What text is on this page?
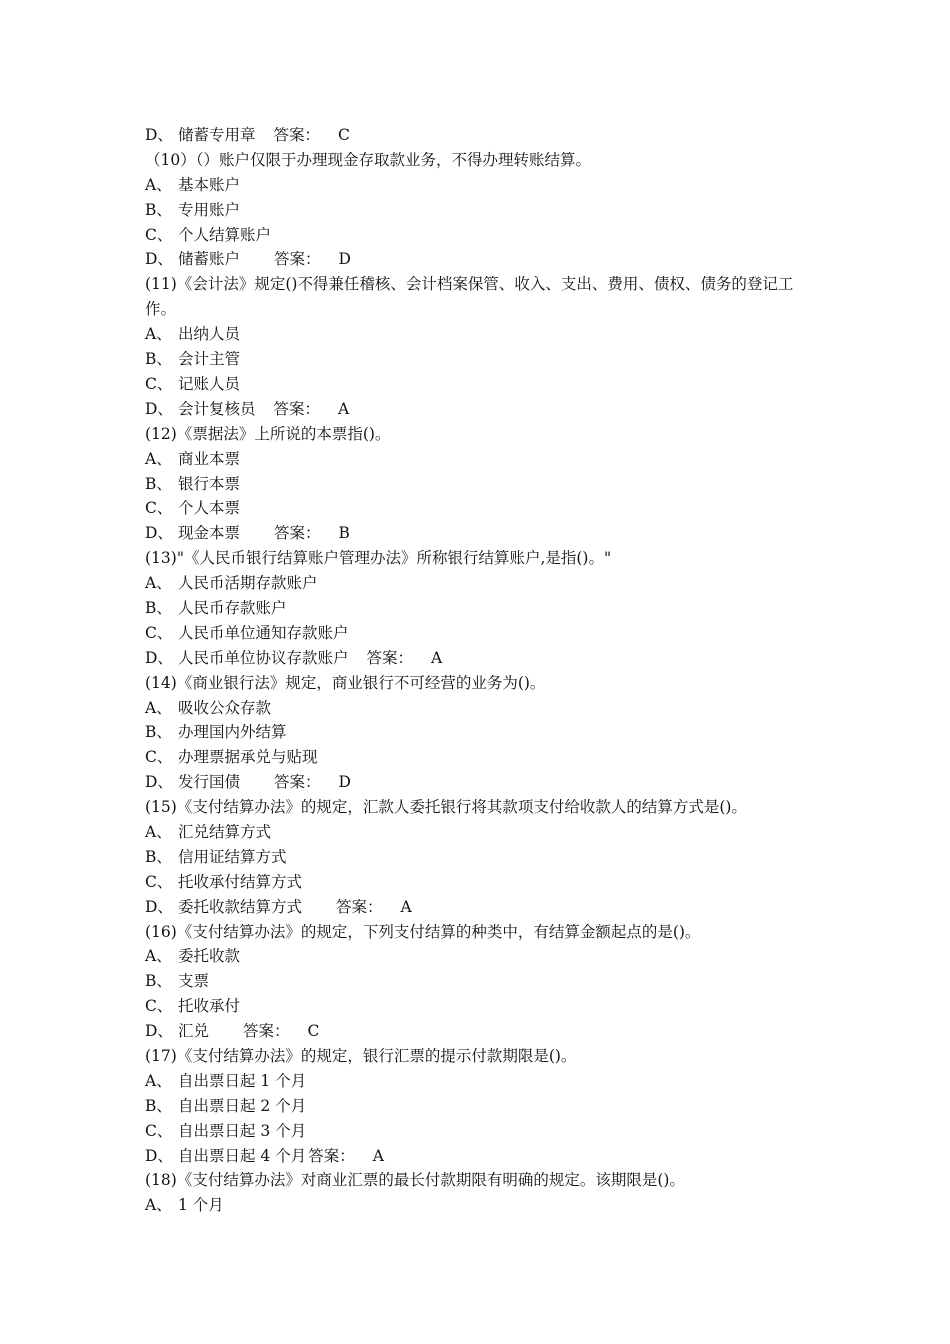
D、 储蓄专用章 答案： C
（10）（）账户仅限于办理现金存取款业务，不得办理转账结算。
A、 基本账户
B、 专用账户
C、 个人结算账户
D、 储蓄账户 答案： D
(11)《会计法》规定()不得兼任稽核、会计档案保管、收入、支出、费用、债权、债务的登记工作。
A、 出纳人员
B、 会计主管
C、 记账人员
D、 会计复核员 答案： A
(12)《票据法》上所说的本票指()。
A、 商业本票
B、 银行本票
C、 个人本票
D、 现金本票 答案： B
(13)"《人民币银行结算账户管理办法》所称银行结算账户,是指()。"
A、 人民币活期存款账户
B、 人民币存款账户
C、 人民币单位通知存款账户
D、 人民币单位协议存款账户 答案： A
(14)《商业银行法》规定，商业银行不可经营的业务为()。
A、 吸收公众存款
B、 办理国内外结算
C、 办理票据承兑与贴现
D、 发行国债 答案： D
(15)《支付结算办法》的规定，汇款人委托银行将其款项支付给收款人的结算方式是()。
A、 汇兑结算方式
B、 信用证结算方式
C、 托收承付结算方式
D、 委托收款结算方式 答案： A
(16)《支付结算办法》的规定，下列支付结算的种类中，有结算金额起点的是()。
A、 委托收款
B、 支票
C、 托收承付
D、 汇兑 答案： C
(17)《支付结算办法》的规定，银行汇票的提示付款期限是()。
A、 自出票日起 1 个月
B、 自出票日起 2 个月
C、 自出票日起 3 个月
D、 自出票日起 4 个月 答案： A
(18)《支付结算办法》对商业汇票的最长付款期限有明确的规定。该期限是()。
A、 1 个月
